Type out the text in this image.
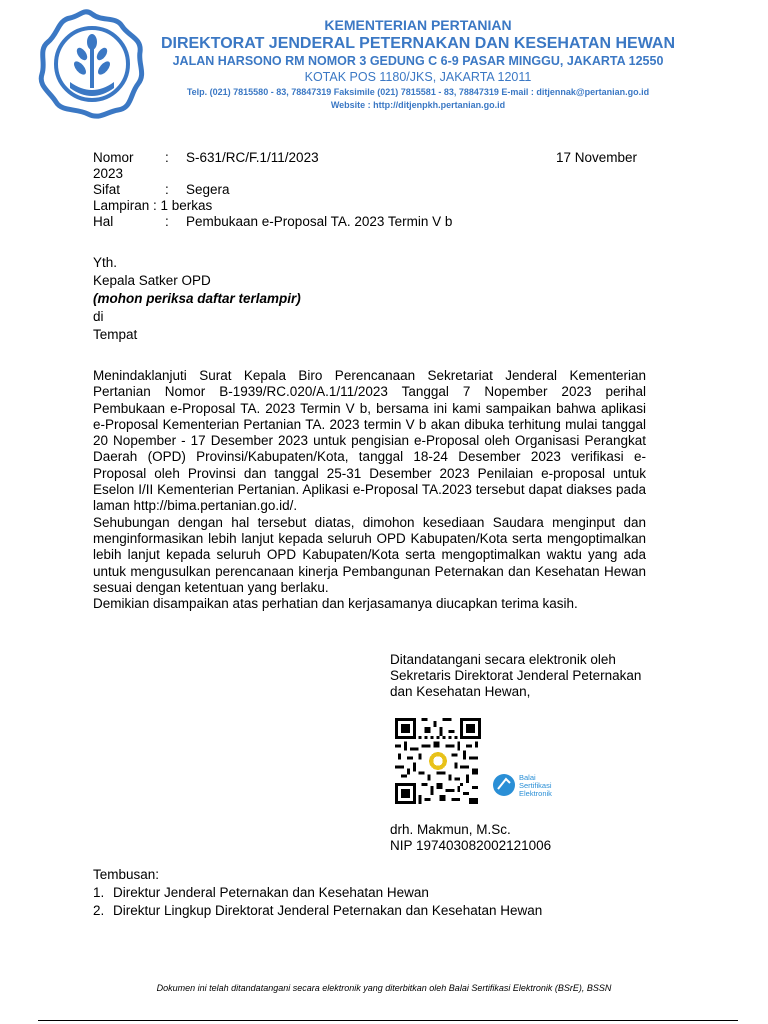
KEMENTERIAN PERTANIAN
DIREKTORAT JENDERAL PETERNAKAN DAN KESEHATAN HEWAN
JALAN HARSONO RM NOMOR 3 GEDUNG C 6-9 PASAR MINGGU, JAKARTA 12550
KOTAK POS 1180/JKS, JAKARTA 12011
Telp. (021) 7815580 - 83, 78847319 Faksimile (021) 7815581 - 83, 78847319 E-mail : ditjennak@pertanian.go.id
Website : http://ditjenpkh.pertanian.go.id
Nomor : S-631/RC/F.1/11/2023	17 November
2023
Sifat	: Segera
Lampiran : 1 berkas
Hal	: Pembukaan e-Proposal TA. 2023 Termin V b
Yth.
Kepala Satker OPD
(mohon periksa daftar terlampir)
di
Tempat

Menindaklanjuti Surat Kepala Biro Perencanaan Sekretariat Jenderal Kementerian Pertanian Nomor B-1939/RC.020/A.1/11/2023 Tanggal 7 Nopember 2023 perihal Pembukaan e-Proposal TA. 2023 Termin V b, bersama ini kami sampaikan bahwa aplikasi e-Proposal Kementerian Pertanian TA. 2023 termin V b akan dibuka terhitung mulai tanggal 20 Nopember - 17 Desember 2023 untuk pengisian e-Proposal oleh Organisasi Perangkat Daerah (OPD) Provinsi/Kabupaten/Kota, tanggal 18-24 Desember 2023 verifikasi e-Proposal oleh Provinsi dan tanggal 25-31 Desember 2023 Penilaian e-proposal untuk Eselon I/II Kementerian Pertanian. Aplikasi e-Proposal TA.2023 tersebut dapat diakses pada laman http://bima.pertanian.go.id/.

Sehubungan dengan hal tersebut diatas, dimohon kesediaan Saudara menginput dan menginformasikan lebih lanjut kepada seluruh OPD Kabupaten/Kota serta mengoptimalkan lebih lanjut kepada seluruh OPD Kabupaten/Kota serta mengoptimalkan waktu yang ada untuk mengusulkan perencanaan kinerja Pembangunan Peternakan dan Kesehatan Hewan sesuai dengan ketentuan yang berlaku.

Demikian disampaikan atas perhatian dan kerjasamanya diucapkan terima kasih.

Ditandatangani secara elektronik oleh
Sekretaris Direktorat Jenderal Peternakan
dan Kesehatan Hewan,
Balai
Sertifikasi
Elektronik
drh. Makmun, M.Sc.
NIP 197403082002121006
Tembusan:
1. Direktur Jenderal Peternakan dan Kesehatan Hewan
2. Direktur Lingkup Direktorat Jenderal Peternakan dan Kesehatan Hewan
Dokumen ini telah ditandatangani secara elektronik yang diterbitkan oleh Balai Sertifikasi Elektronik (BSrE), BSSN
